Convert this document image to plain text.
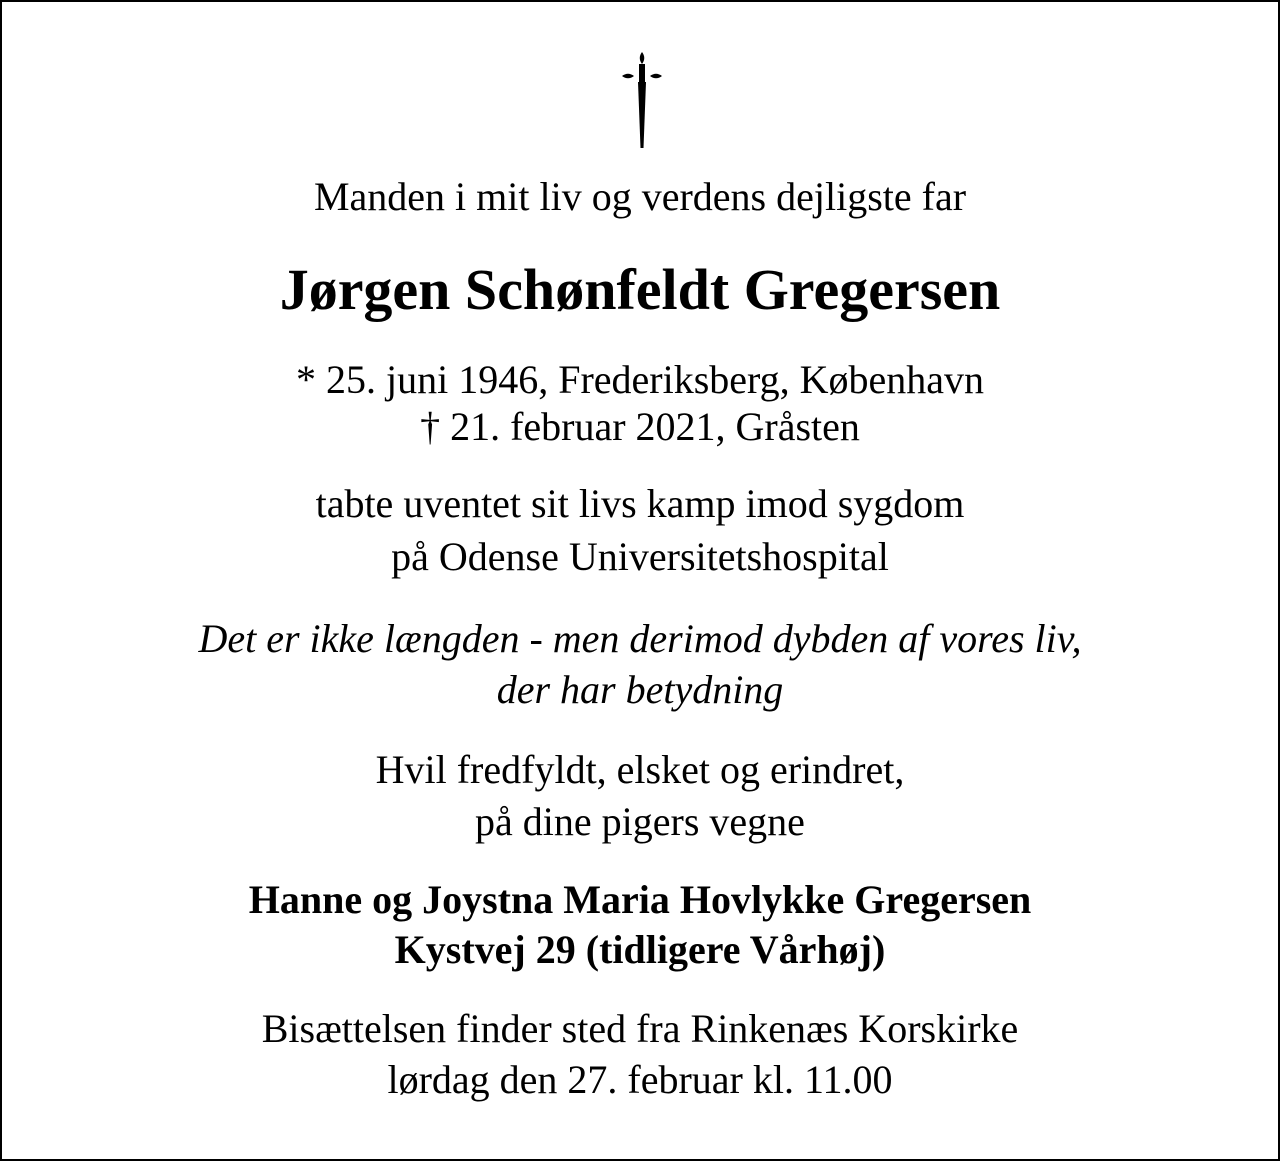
Manden i mit liv og verdens dejligste far
Jørgen Schønfeldt Gregersen
* 25. juni 1946, Frederiksberg, København
† 21. februar 2021, Gråsten
tabte uventet sit livs kamp imod sygdom
på Odense Universitetshospital
Det er ikke længden - men derimod dybden af vores liv,
der har betydning
Hvil fredfyldt, elsket og erindret,
på dine pigers vegne
Hanne og Joystna Maria Hovlykke Gregersen
Kystvej 29 (tidligere Vårhøj)
Bisættelsen finder sted fra Rinkenæs Korskirke
lørdag den 27. februar kl. 11.00
